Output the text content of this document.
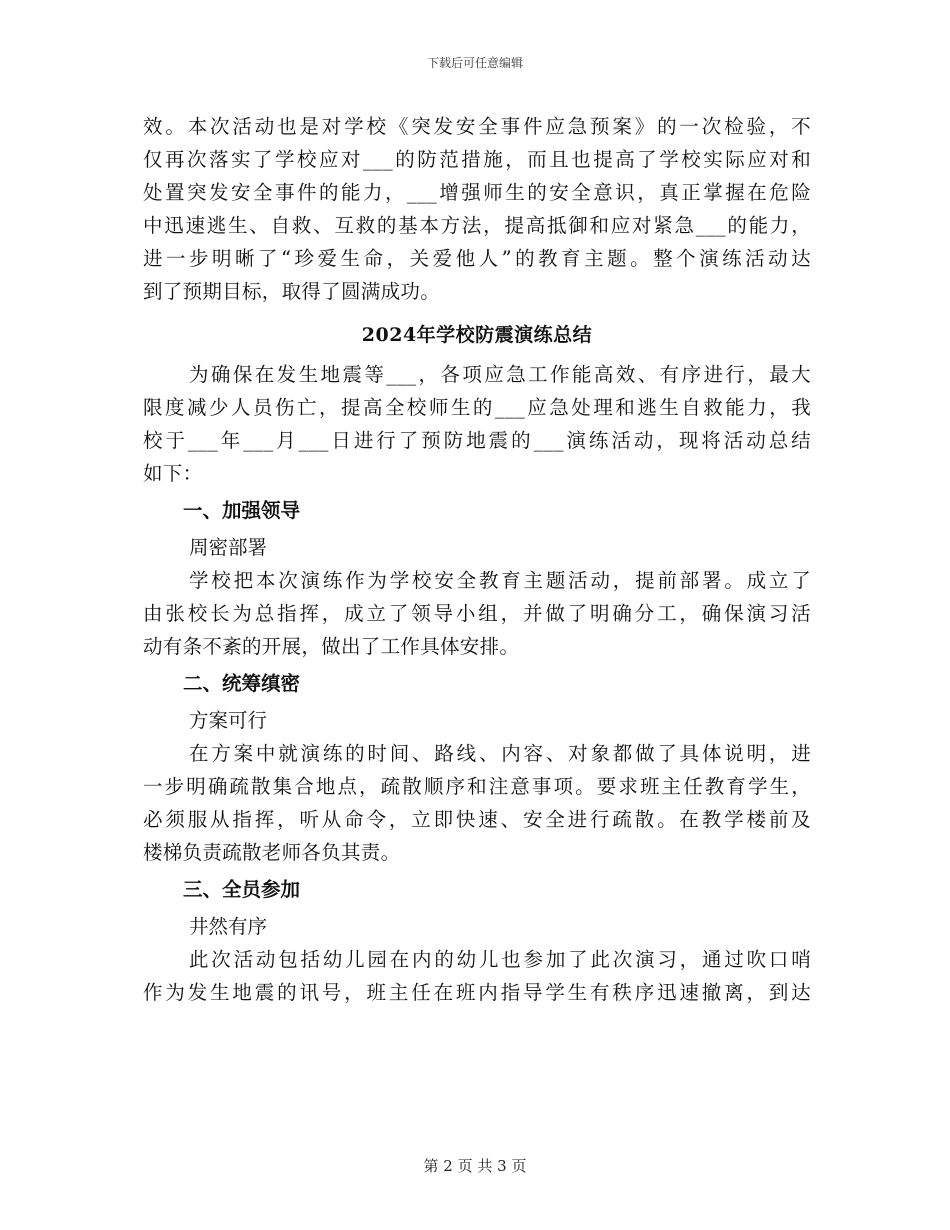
下载后可任意编辑
效。本次活动也是对学校《突发安全事件应急预案》的一次检验，不
仅再次落实了学校应对___的防范措施，而且也提高了学校实际应对和
处置突发安全事件的能力，___增强师生的安全意识，真正掌握在危险
中迅速逃生、自救、互救的基本方法，提高抵御和应对紧急___的能力，
进一步明晰了“珍爱生命，关爱他人”的教育主题。整个演练活动达
到了预期目标，取得了圆满成功。
2024年学校防震演练总结
为确保在发生地震等___，各项应急工作能高效、有序进行，最大
限度减少人员伤亡，提高全校师生的___应急处理和逃生自救能力，我
校于___年___月___日进行了预防地震的___演练活动，现将活动总结
如下：
一、加强领导
周密部署
学校把本次演练作为学校安全教育主题活动，提前部署。成立了
由张校长为总指挥，成立了领导小组，并做了明确分工，确保演习活
动有条不紊的开展，做出了工作具体安排。
二、统筹缜密
方案可行
在方案中就演练的时间、路线、内容、对象都做了具体说明，进
一步明确疏散集合地点，疏散顺序和注意事项。要求班主任教育学生，
必须服从指挥，听从命令，立即快速、安全进行疏散。在教学楼前及
楼梯负责疏散老师各负其责。
三、全员参加
井然有序
此次活动包括幼儿园在内的幼儿也参加了此次演习，通过吹口哨
作为发生地震的讯号，班主任在班内指导学生有秩序迅速撤离，到达
第 2 页 共 3 页
